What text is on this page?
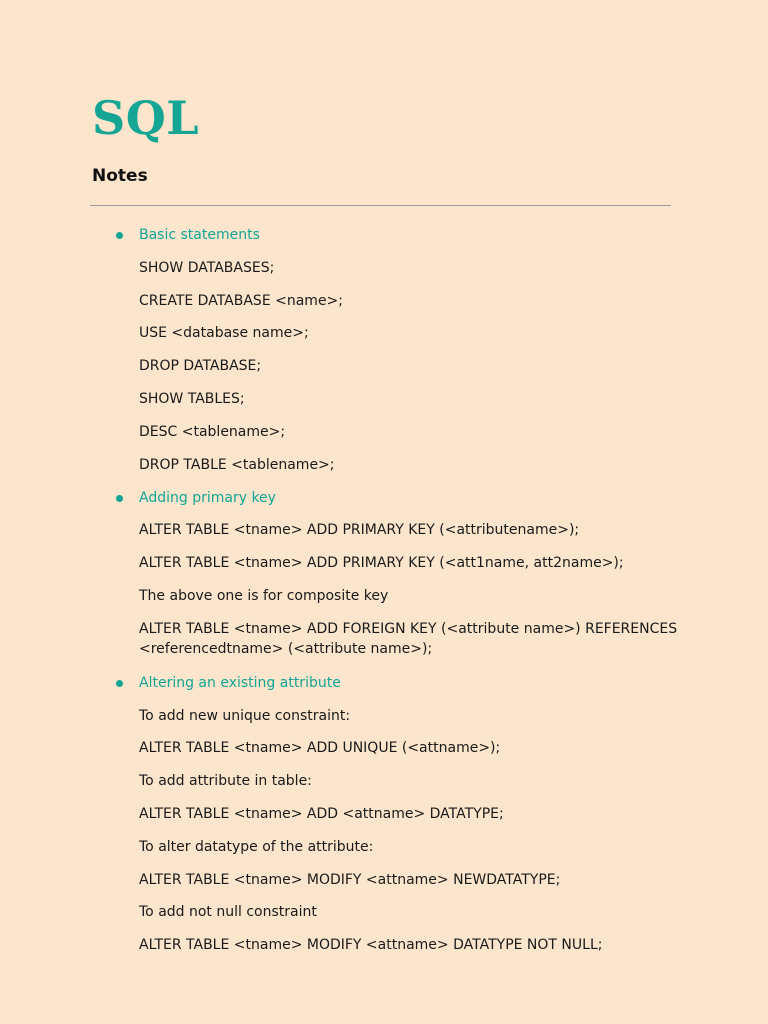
SQL
Notes
Basic statements
SHOW DATABASES;
CREATE DATABASE <name>;
USE <database name>;
DROP DATABASE;
SHOW TABLES;
DESC <tablename>;
DROP TABLE <tablename>;
Adding primary key
ALTER TABLE <tname> ADD PRIMARY KEY (<attributename>);
ALTER TABLE <tname> ADD PRIMARY KEY (<att1name, att2name>);
The above one is for composite key
ALTER TABLE <tname> ADD FOREIGN KEY (<attribute name>) REFERENCES <referencedtname> (<attribute name>);
Altering an existing attribute
To add new unique constraint:
ALTER TABLE <tname> ADD UNIQUE (<attname>);
To add attribute in table:
ALTER TABLE <tname> ADD <attname> DATATYPE;
To alter datatype of the attribute:
ALTER TABLE <tname> MODIFY <attname> NEWDATATYPE;
To add not null constraint
ALTER TABLE <tname> MODIFY <attname> DATATYPE NOT NULL;
